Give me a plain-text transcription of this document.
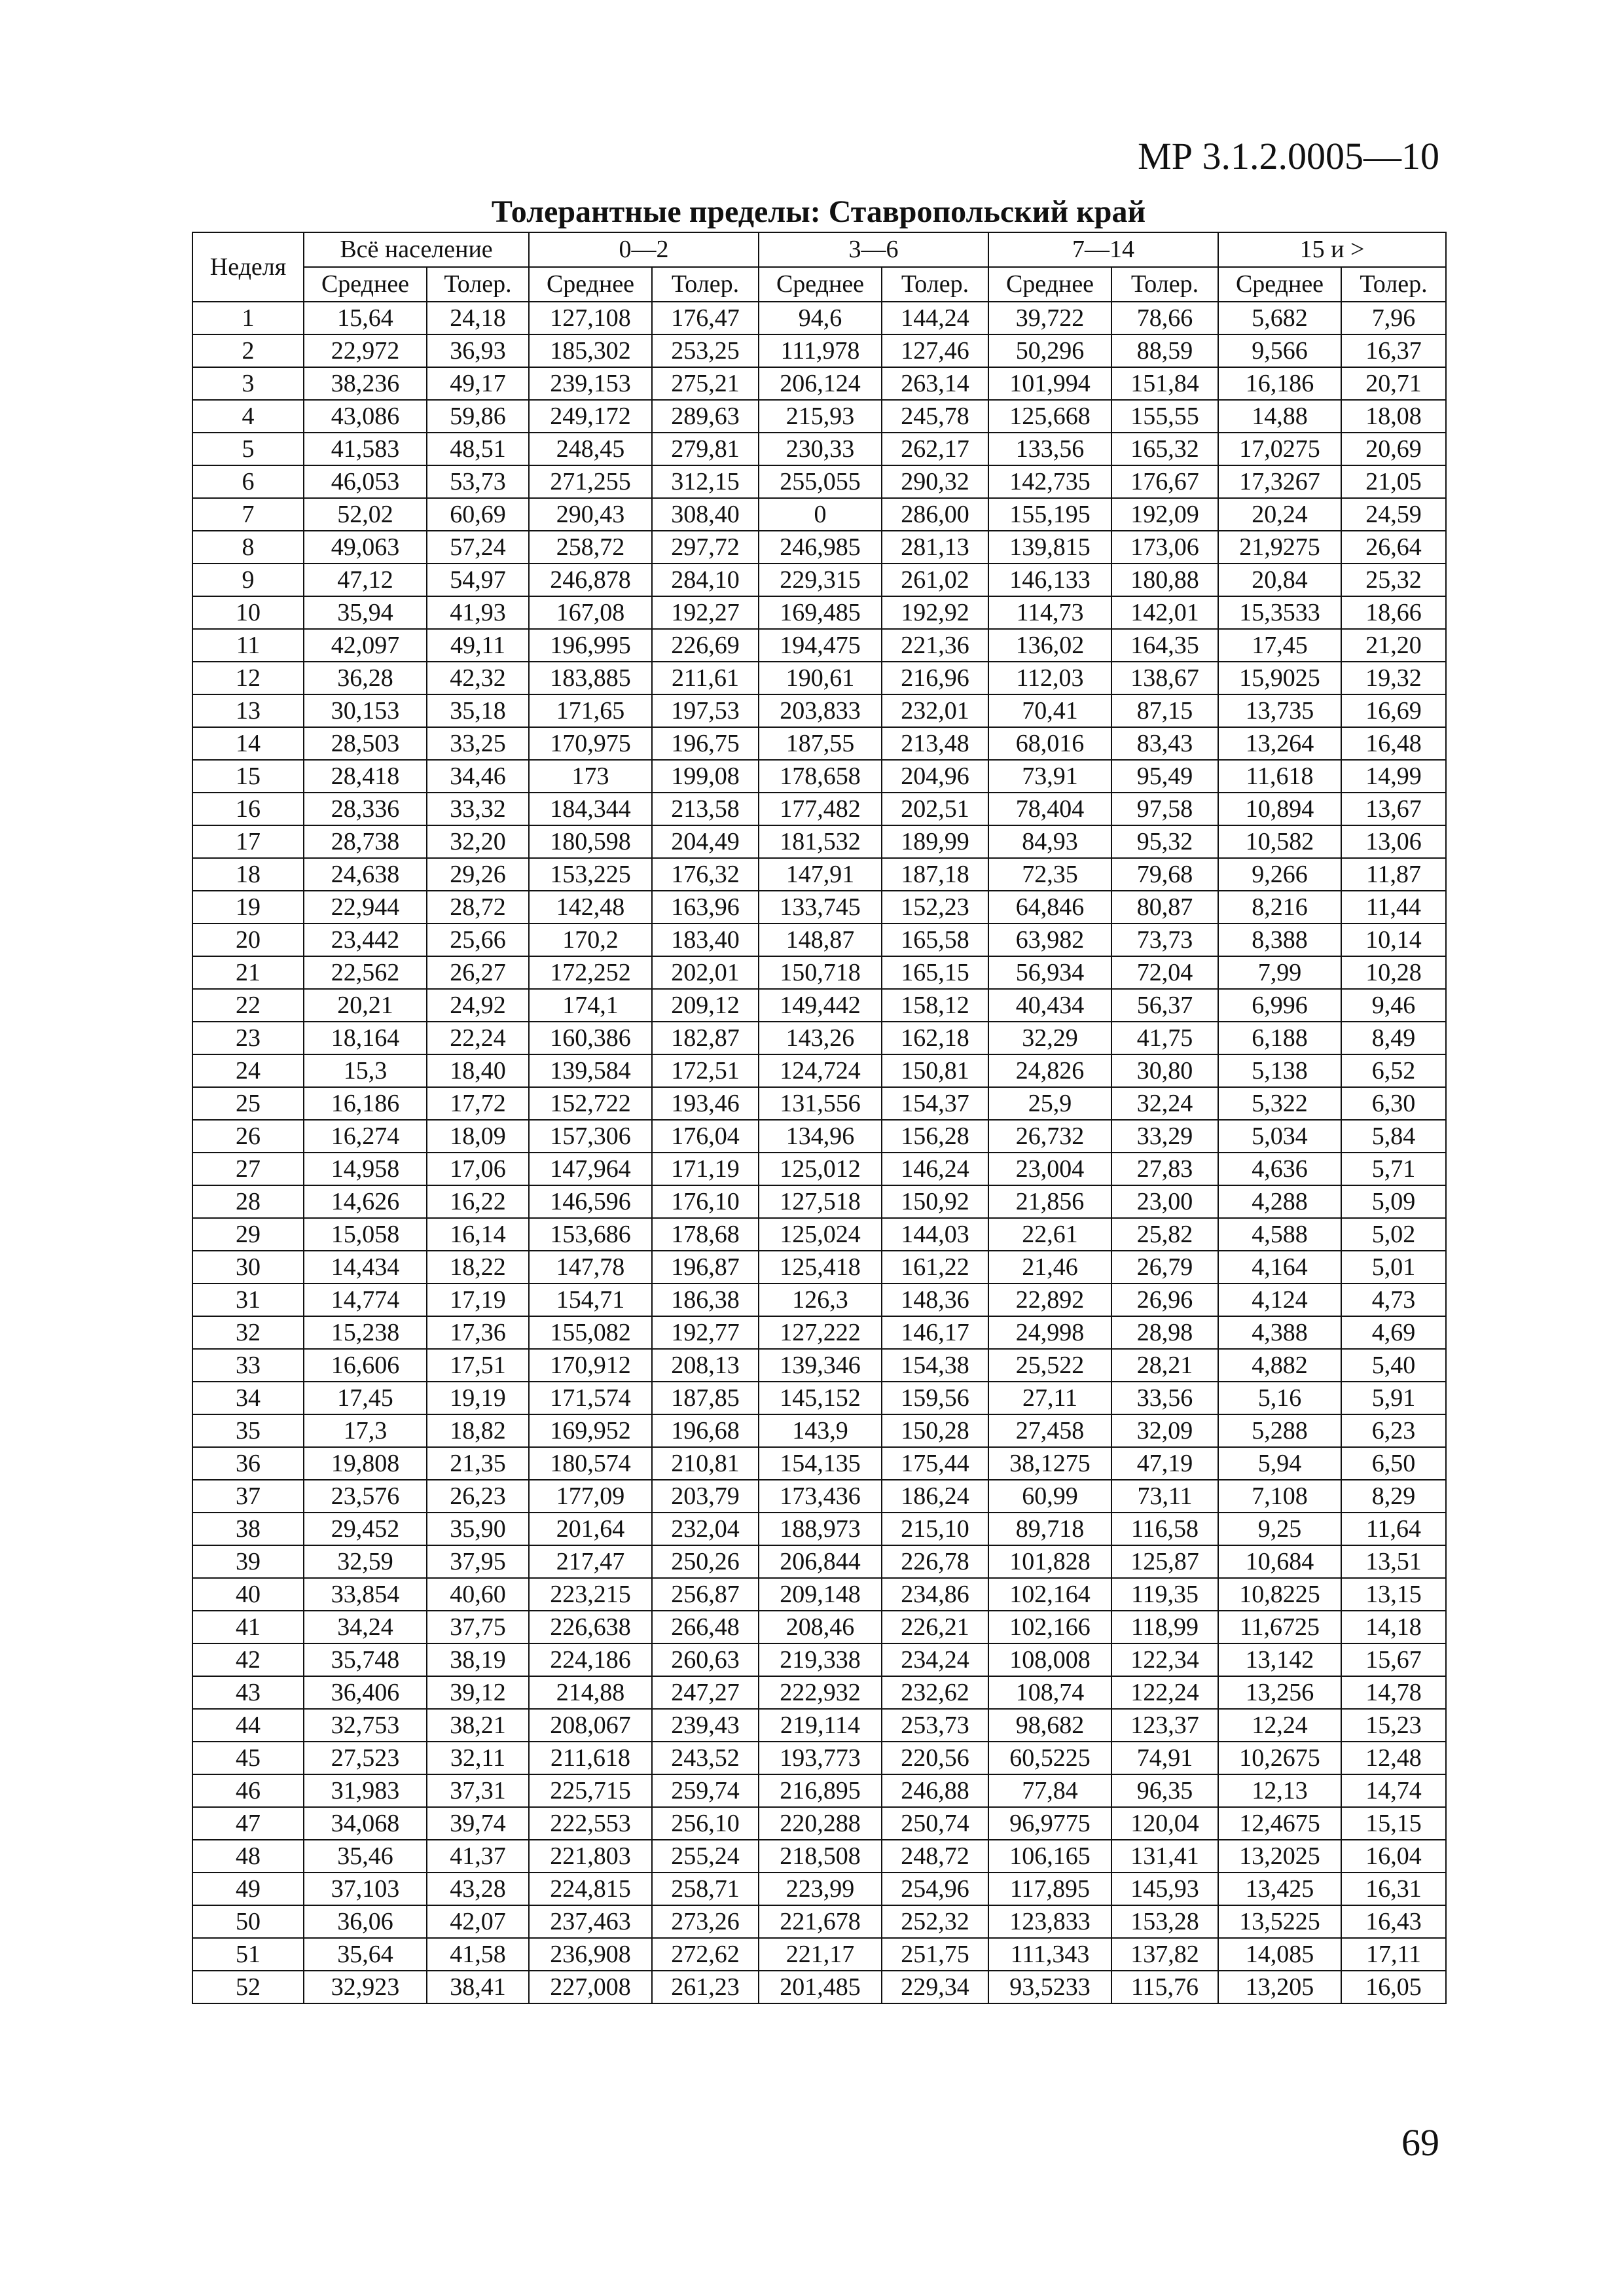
МР 3.1.2.0005—10
Толерантные пределы: Ставропольский край
Неделя	Всё население		0—2		3—6		7—14		15 и >	
	Среднее	Толер.	Среднее	Толер.	Среднее	Толер.	Среднее	Толер.	Среднее	Толер.
1	15,64	24,18	127,108	176,47	94,6	144,24	39,722	78,66	5,682	7,96
2	22,972	36,93	185,302	253,25	111,978	127,46	50,296	88,59	9,566	16,37
3	38,236	49,17	239,153	275,21	206,124	263,14	101,994	151,84	16,186	20,71
4	43,086	59,86	249,172	289,63	215,93	245,78	125,668	155,55	14,88	18,08
5	41,583	48,51	248,45	279,81	230,33	262,17	133,56	165,32	17,0275	20,69
6	46,053	53,73	271,255	312,15	255,055	290,32	142,735	176,67	17,3267	21,05
7	52,02	60,69	290,43	308,40	0	286,00	155,195	192,09	20,24	24,59
8	49,063	57,24	258,72	297,72	246,985	281,13	139,815	173,06	21,9275	26,64
9	47,12	54,97	246,878	284,10	229,315	261,02	146,133	180,88	20,84	25,32
10	35,94	41,93	167,08	192,27	169,485	192,92	114,73	142,01	15,3533	18,66
11	42,097	49,11	196,995	226,69	194,475	221,36	136,02	164,35	17,45	21,20
12	36,28	42,32	183,885	211,61	190,61	216,96	112,03	138,67	15,9025	19,32
13	30,153	35,18	171,65	197,53	203,833	232,01	70,41	87,15	13,735	16,69
14	28,503	33,25	170,975	196,75	187,55	213,48	68,016	83,43	13,264	16,48
15	28,418	34,46	173	199,08	178,658	204,96	73,91	95,49	11,618	14,99
16	28,336	33,32	184,344	213,58	177,482	202,51	78,404	97,58	10,894	13,67
17	28,738	32,20	180,598	204,49	181,532	189,99	84,93	95,32	10,582	13,06
18	24,638	29,26	153,225	176,32	147,91	187,18	72,35	79,68	9,266	11,87
19	22,944	28,72	142,48	163,96	133,745	152,23	64,846	80,87	8,216	11,44
20	23,442	25,66	170,2	183,40	148,87	165,58	63,982	73,73	8,388	10,14
21	22,562	26,27	172,252	202,01	150,718	165,15	56,934	72,04	7,99	10,28
22	20,21	24,92	174,1	209,12	149,442	158,12	40,434	56,37	6,996	9,46
23	18,164	22,24	160,386	182,87	143,26	162,18	32,29	41,75	6,188	8,49
24	15,3	18,40	139,584	172,51	124,724	150,81	24,826	30,80	5,138	6,52
25	16,186	17,72	152,722	193,46	131,556	154,37	25,9	32,24	5,322	6,30
26	16,274	18,09	157,306	176,04	134,96	156,28	26,732	33,29	5,034	5,84
27	14,958	17,06	147,964	171,19	125,012	146,24	23,004	27,83	4,636	5,71
28	14,626	16,22	146,596	176,10	127,518	150,92	21,856	23,00	4,288	5,09
29	15,058	16,14	153,686	178,68	125,024	144,03	22,61	25,82	4,588	5,02
30	14,434	18,22	147,78	196,87	125,418	161,22	21,46	26,79	4,164	5,01
31	14,774	17,19	154,71	186,38	126,3	148,36	22,892	26,96	4,124	4,73
32	15,238	17,36	155,082	192,77	127,222	146,17	24,998	28,98	4,388	4,69
33	16,606	17,51	170,912	208,13	139,346	154,38	25,522	28,21	4,882	5,40
34	17,45	19,19	171,574	187,85	145,152	159,56	27,11	33,56	5,16	5,91
35	17,3	18,82	169,952	196,68	143,9	150,28	27,458	32,09	5,288	6,23
36	19,808	21,35	180,574	210,81	154,135	175,44	38,1275	47,19	5,94	6,50
37	23,576	26,23	177,09	203,79	173,436	186,24	60,99	73,11	7,108	8,29
38	29,452	35,90	201,64	232,04	188,973	215,10	89,718	116,58	9,25	11,64
39	32,59	37,95	217,47	250,26	206,844	226,78	101,828	125,87	10,684	13,51
40	33,854	40,60	223,215	256,87	209,148	234,86	102,164	119,35	10,8225	13,15
41	34,24	37,75	226,638	266,48	208,46	226,21	102,166	118,99	11,6725	14,18
42	35,748	38,19	224,186	260,63	219,338	234,24	108,008	122,34	13,142	15,67
43	36,406	39,12	214,88	247,27	222,932	232,62	108,74	122,24	13,256	14,78
44	32,753	38,21	208,067	239,43	219,114	253,73	98,682	123,37	12,24	15,23
45	27,523	32,11	211,618	243,52	193,773	220,56	60,5225	74,91	10,2675	12,48
46	31,983	37,31	225,715	259,74	216,895	246,88	77,84	96,35	12,13	14,74
47	34,068	39,74	222,553	256,10	220,288	250,74	96,9775	120,04	12,4675	15,15
48	35,46	41,37	221,803	255,24	218,508	248,72	106,165	131,41	13,2025	16,04
49	37,103	43,28	224,815	258,71	223,99	254,96	117,895	145,93	13,425	16,31
50	36,06	42,07	237,463	273,26	221,678	252,32	123,833	153,28	13,5225	16,43
51	35,64	41,58	236,908	272,62	221,17	251,75	111,343	137,82	14,085	17,11
52	32,923	38,41	227,008	261,23	201,485	229,34	93,5233	115,76	13,205	16,05
69
